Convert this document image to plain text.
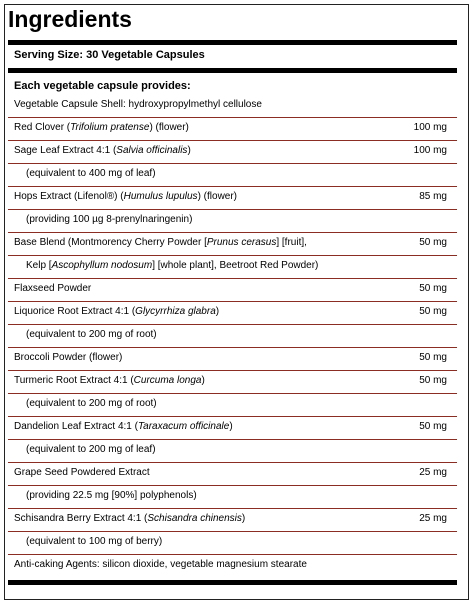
Ingredients
Serving Size: 30 Vegetable Capsules
Each vegetable capsule provides:
Vegetable Capsule Shell: hydroxypropylmethyl cellulose
Red Clover (Trifolium pratense) (flower)	100 mg
Sage Leaf Extract 4:1 (Salvia officinalis)	100 mg
(equivalent to 400 mg of leaf)
Hops Extract (Lifenol®) (Humulus lupulus) (flower)	85 mg
(providing 100 µg 8-prenylnaringenin)
Base Blend (Montmorency Cherry Powder [Prunus cerasus] [fruit],	50 mg
Kelp [Ascophyllum nodosum] [whole plant], Beetroot Red Powder)
Flaxseed Powder	50 mg
Liquorice Root Extract 4:1 (Glycyrrhiza glabra)	50 mg
(equivalent to 200 mg of root)
Broccoli Powder (flower)	50 mg
Turmeric Root Extract 4:1 (Curcuma longa)	50 mg
(equivalent to 200 mg of root)
Dandelion Leaf Extract 4:1 (Taraxacum officinale)	50 mg
(equivalent to 200 mg of leaf)
Grape Seed Powdered Extract	25 mg
(providing 22.5 mg [90%] polyphenols)
Schisandra Berry Extract 4:1 (Schisandra chinensis)	25 mg
(equivalent to 100 mg of berry)
Anti-caking Agents: silicon dioxide, vegetable magnesium stearate
